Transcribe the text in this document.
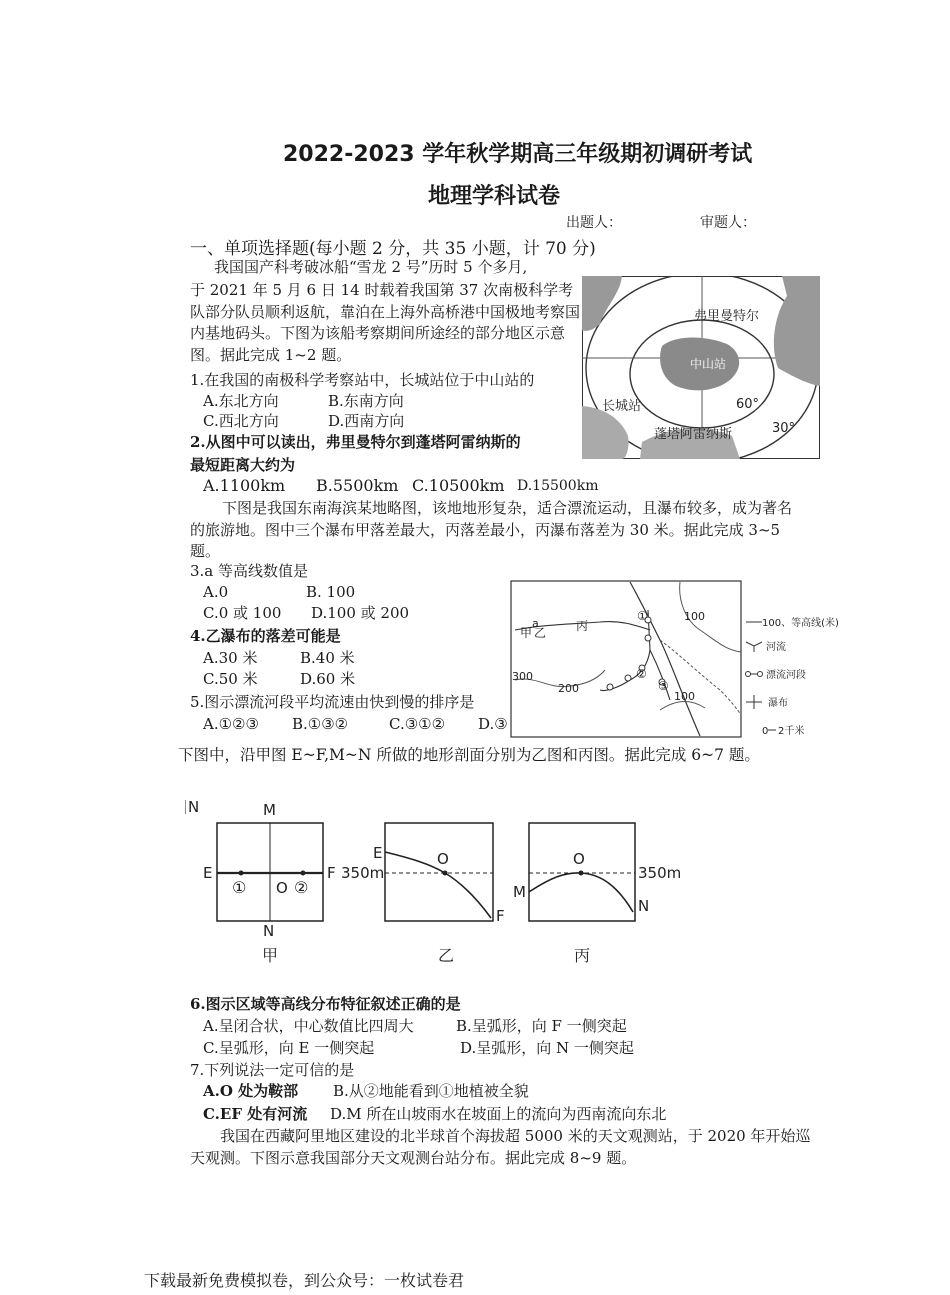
2022-2023 学年秋学期高三年级期初调研考试
地理学科试卷
出题人：	审题人：
一、单项选择题(每小题 2 分，共 35 小题，计 70 分)
我国国产科考破冰船“雪龙 2 号”历时 5 个多月,
于 2021 年 5 月 6 日 14 时载着我国第 37 次南极科学考队部分队员顺利返航，靠泊在上海外高桥港中国极地考察国内基地码头。下图为该船考察期间所途经的部分地区示意图。据此完成 1~2 题。
弗里曼特尔
中山站
长城站
蓬塔阿雷纳斯
60°
30°
1.在我国的南极科学考察站中，长城站位于中山站的
A.东北方向	B.东南方向
C.西北方向	D.西南方向
2.从图中可以读出，弗里曼特尔到蓬塔阿雷纳斯的
最短距离大约为
A.1100km B.5500km C.10500km D.15500km
下图是我国东南海滨某地略图，该地地形复杂，适合漂流运动，且瀑布较多，成为著名的旅游地。图中三个瀑布甲落差最大，丙落差最小，丙瀑布落差为 30 米。据此完成 3~5 题。
3.a 等高线数值是
A.0	B. 100
C.0 或 100 D.100 或 200
4.乙瀑布的落差可能是
A.30 米	B.40 米
C.50 米	D.60 米
5.图示漂流河段平均流速由快到慢的排序是
A.①②③ B.①③②	C.③①② D.③
甲 乙 丙
a
300
200
100
100
①
②
③
100、等高线(米)
河流
漂流河段
瀑布
0 2千米
下图中，沿甲图 E~F,M~N 所做的地形剖面分别为乙图和丙图。据此完成 6~7 题。
N	M
N
E	F
O
①	②
甲
E
350m
O
F
乙
M
O
350m
N
丙
6.图示区域等高线分布特征叙述正确的是
A.呈闭合状，中心数值比四周大	B.呈弧形，向 F 一侧突起
C.呈弧形，向 E 一侧突起	D.呈弧形，向 N 一侧突起
7.下列说法一定可信的是
A.O 处为鞍部 B.从②地能看到①地植被全貌
C.EF 处有河流 D.M 所在山坡雨水在坡面上的流向为西南流向东北
我国在西藏阿里地区建设的北半球首个海拔超 5000 米的天文观测站，于 2020 年开始巡 天观测。下图示意我国部分天文观测台站分布。据此完成 8~9 题。
下载最新免费模拟卷，到公众号：一枚试卷君
